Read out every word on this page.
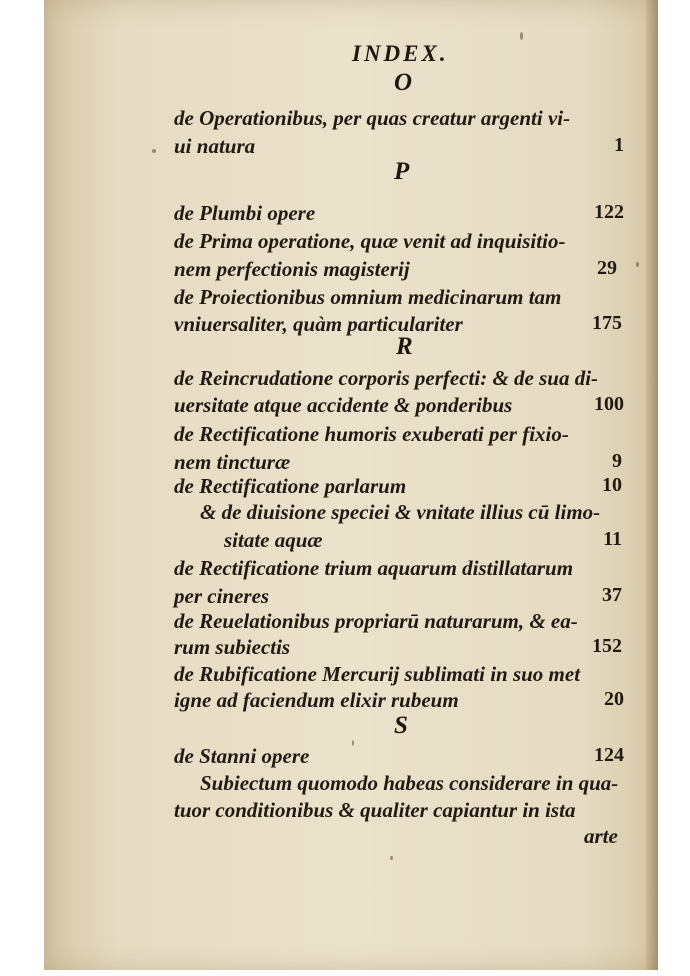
INDEX.
O
de Operationibus, per quas creatur argenti vi-
ui natura	1
P
de Plumbi opere	122
de Prima operatione, quæ venit ad inquisitio-
nem perfectionis magisterij	29
de Proiectionibus omnium medicinarum tam
vniuersaliter, quàm particulariter	175
R
de Reincrudatione corporis perfecti: & de sua di-
uersitate atque accidente & ponderibus	100
de Rectificatione humoris exuberati per fixio-
nem tincturæ	9
de Rectificatione parlarum	10
& de diuisione speciei & vnitate illius cū limo-
sitate aquæ	11
de Rectificatione trium aquarum distillatarum
per cineres	37
de Reuelationibus propriarū naturarum, & ea-
rum subiectis	152
de Rubificatione Mercurij sublimati in suo met
igne ad faciendum elixir rubeum	20
S
de Stanni opere	124
Subiectum quomodo habeas considerare in qua-
tuor conditionibus & qualiter capiantur in ista
arte
